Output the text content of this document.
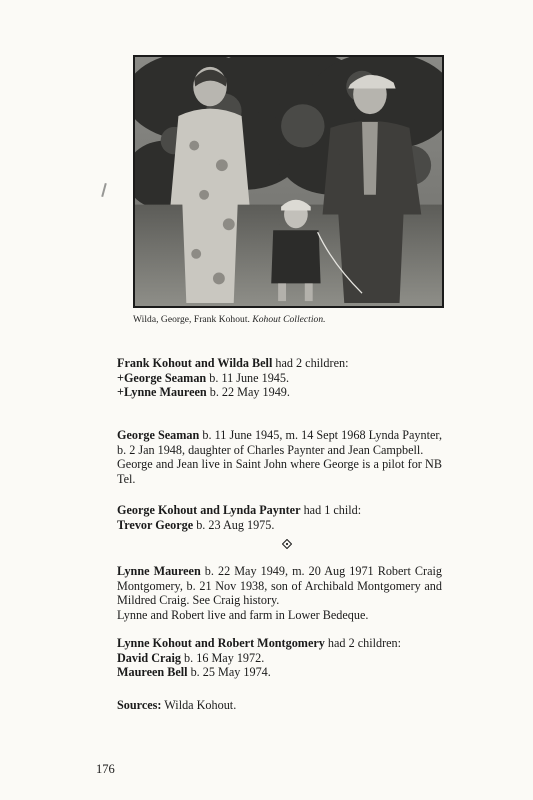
Wilda, George, Frank Kohout. Kohout Collection.

Frank Kohout and Wilda Bell had 2 children:

+George Seaman b. 11 June 1945.

+Lynne Maureen b. 22 May 1949.

George Seaman b. 11 June 1945, m. 14 Sept 1968 Lynda Paynter, b. 2 Jan 1948, daughter of Charles Paynter and Jean Campbell.

George and Jean live in Saint John where George is a pilot for NB Tel.

George Kohout and Lynda Paynter had 1 child:

Trevor George b. 23 Aug 1975.

Lynne Maureen b. 22 May 1949, m. 20 Aug 1971 Robert Craig Montgomery, b. 21 Nov 1938, son of Archibald Montgomery and Mildred Craig. See Craig history.

Lynne and Robert live and farm in Lower Bedeque.

Lynne Kohout and Robert Montgomery had 2 children:

David Craig b. 16 May 1972.

Maureen Bell b. 25 May 1974.

Sources: Wilda Kohout.
176
